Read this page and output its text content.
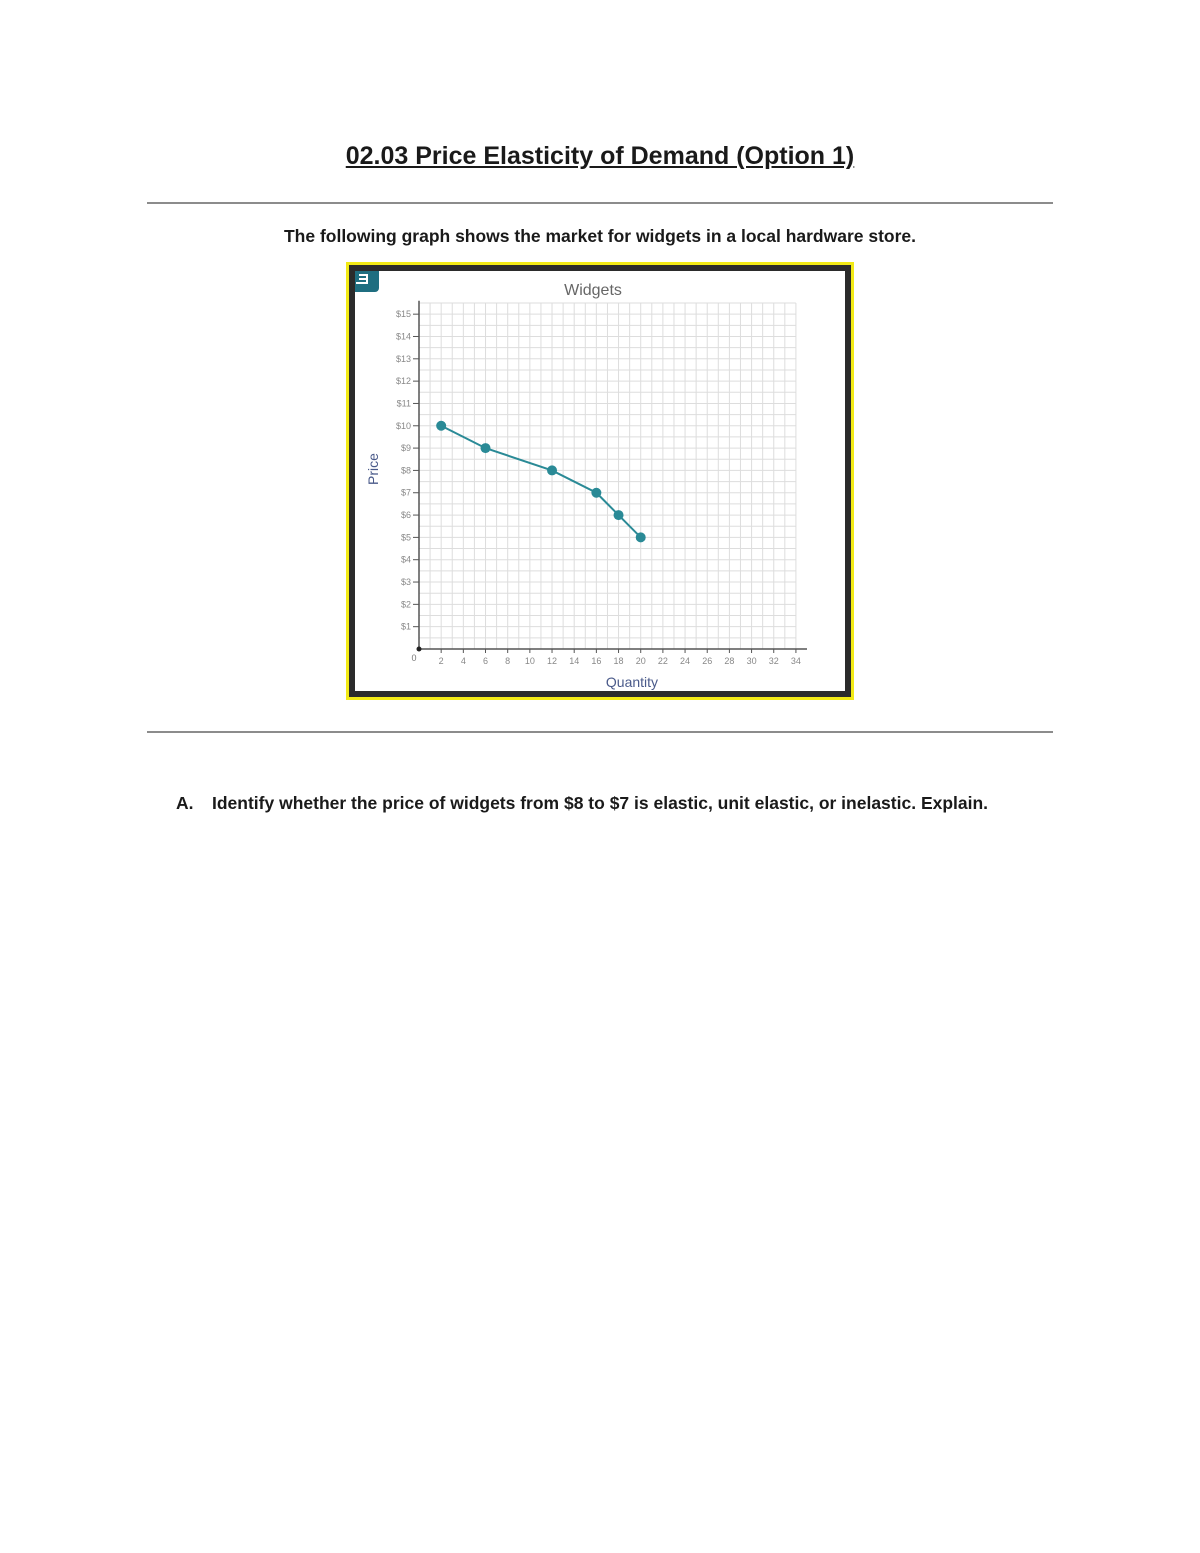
02.03 Price Elasticity of Demand (Option 1)

The following graph shows the market for widgets in a local hardware store.

2 4 6 8 10 12 14 16 18 20 22 24 26 28 30 32 34
$1
$2
$3
$4
$5
$6
$7
$8
$9
$10
$11
$12
$13
$14
$15
Widgets
Quantity
Price
0
A. Identify whether the price of widgets from $8 to $7 is elastic, unit elastic, or inelastic. Explain.
